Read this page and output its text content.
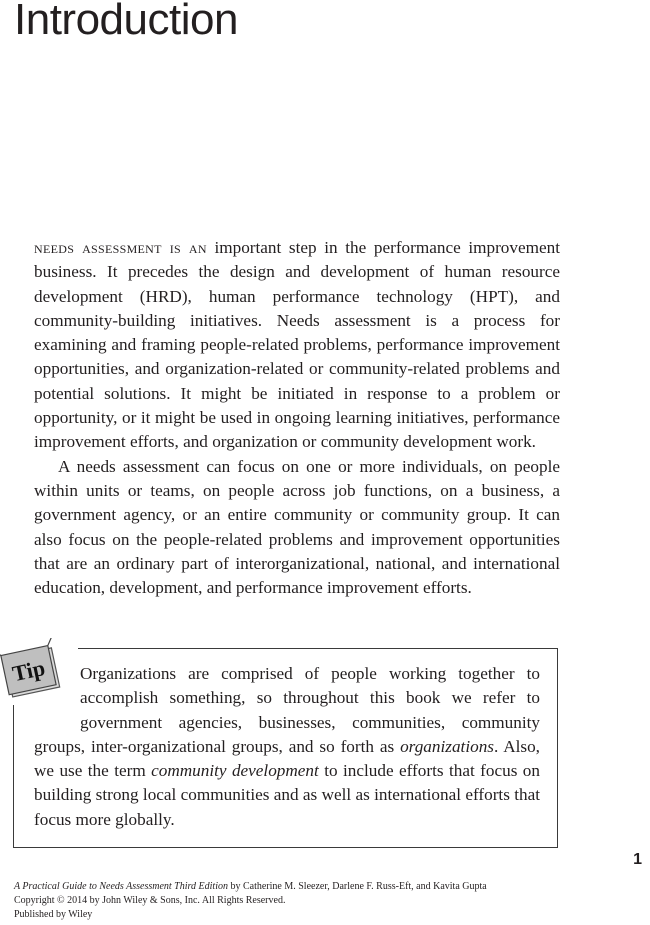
Introduction

needs assessment is an important step in the performance improvement business. It precedes the design and development of human resource development (HRD), human performance technology (HPT), and community-building initiatives. Needs assessment is a process for examining and framing people-related problems, performance improvement opportunities, and organization-related or community-related problems and potential solutions. It might be initiated in response to a problem or opportunity, or it might be used in ongoing learning initiatives, performance improvement efforts, and organization or community development work.

A needs assessment can focus on one or more individuals, on people within units or teams, on people across job functions, on a business, a government agency, or an entire community or community group. It can also focus on the people-related problems and improvement opportunities that are an ordinary part of interorganizational, national, and international education, development, and performance improvement efforts.

Tip	Organizations are comprised of people working together to accomplish something, so throughout this book we refer to government agencies, businesses, communities, community groups, inter-organizational groups, and so forth as organizations. Also, we use the term community development to include efforts that focus on building strong local communities and as well as international efforts that focus more globally.
1
A Practical Guide to Needs Assessment Third Edition by Catherine M. Sleezer, Darlene F. Russ-Eft, and Kavita Gupta
Copyright © 2014 by John Wiley & Sons, Inc. All Rights Reserved.
Published by Wiley
